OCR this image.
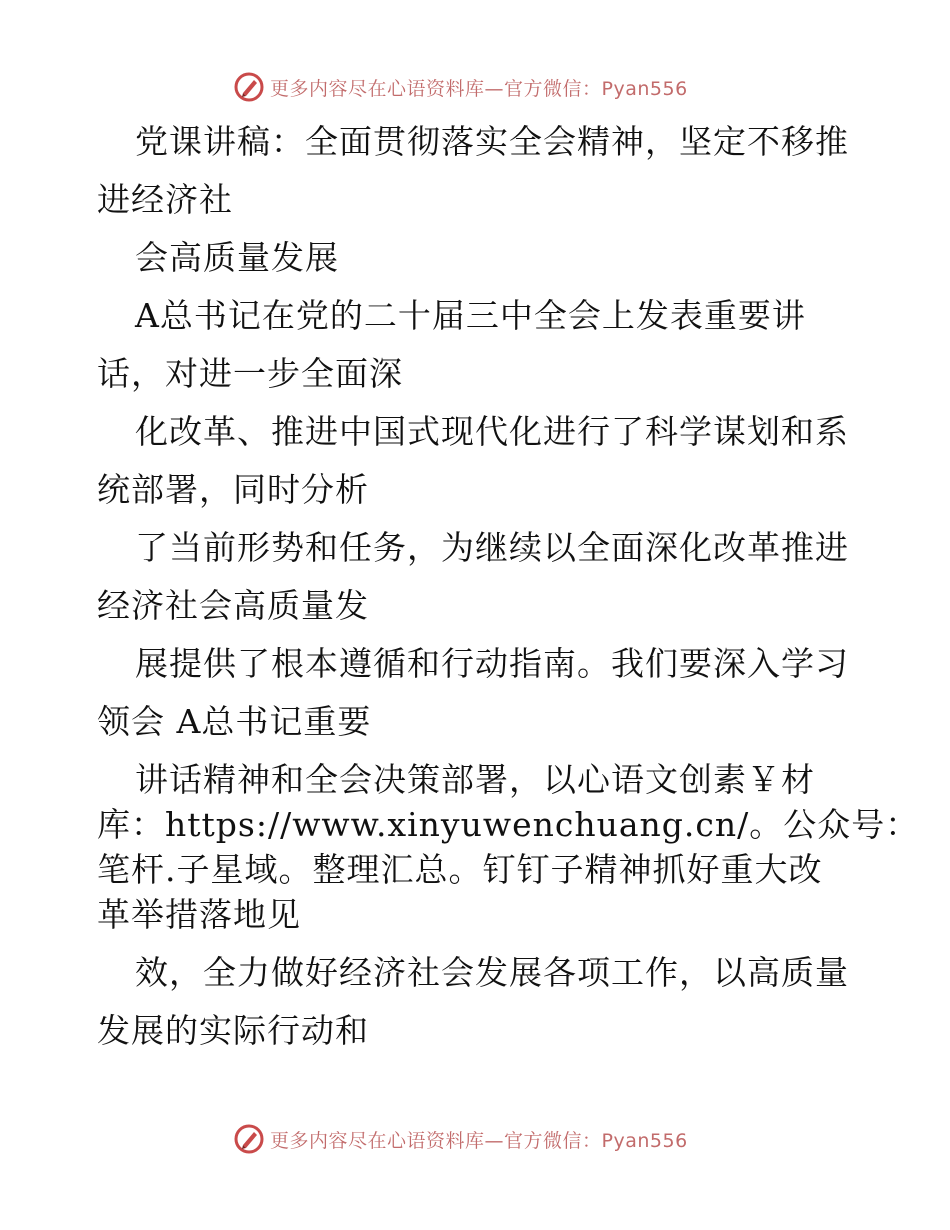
更多内容尽在心语资料库—官方微信：Pyan556
党课讲稿：全面贯彻落实全会精神，坚定不移推
进经济社
会高质量发展
A总书记在党的二十届三中全会上发表重要讲
话，对进一步全面深
化改革、推进中国式现代化进行了科学谋划和系
统部署，同时分析
了当前形势和任务，为继续以全面深化改革推进
经济社会高质量发
展提供了根本遵循和行动指南。我们要深入学习
领会 A总书记重要
讲话精神和全会决策部署，以心语文创素￥材
库：https://www.xinyuwenchuang.cn/。公众号：
笔杆.子星域。整理汇总。钉钉子精神抓好重大改
革举措落地见
效，全力做好经济社会发展各项工作，以高质量
发展的实际行动和
更多内容尽在心语资料库—官方微信：Pyan556
